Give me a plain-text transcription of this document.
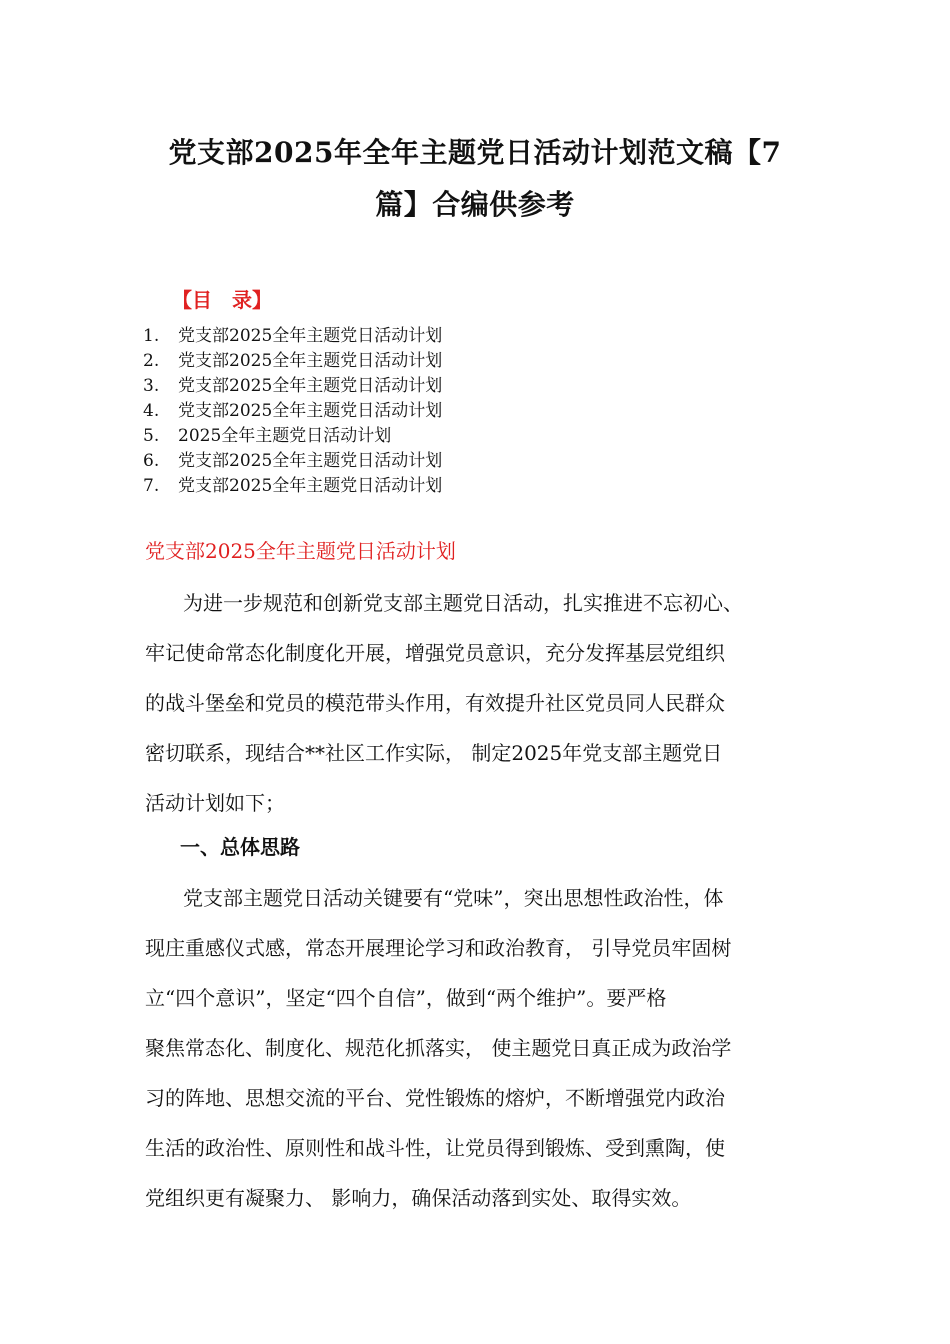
党支部2025年全年主题党日活动计划范文稿【7
篇】合编供参考
【目　录】
1. 党支部2025全年主题党日活动计划
2. 党支部2025全年主题党日活动计划
3. 党支部2025全年主题党日活动计划
4. 党支部2025全年主题党日活动计划
5. 2025全年主题党日活动计划
6. 党支部2025全年主题党日活动计划
7. 党支部2025全年主题党日活动计划
党支部2025全年主题党日活动计划
为进一步规范和创新党支部主题党日活动，扎实推进不忘初心、
牢记使命常态化制度化开展，增强党员意识，充分发挥基层党组织
的战斗堡垒和党员的模范带头作用，有效提升社区党员同人民群众
密切联系，现结合**社区工作实际， 制定2025年党支部主题党日
活动计划如下；
一、总体思路
党支部主题党日活动关键要有“党味”，突出思想性政治性，体
现庄重感仪式感，常态开展理论学习和政治教育， 引导党员牢固树
立“四个意识”，坚定“四个自信”，做到“两个维护”。要严格
聚焦常态化、制度化、规范化抓落实， 使主题党日真正成为政治学
习的阵地、思想交流的平台、党性锻炼的熔炉，不断增强党内政治
生活的政治性、原则性和战斗性，让党员得到锻炼、受到熏陶，使
党组织更有凝聚力、 影响力，确保活动落到实处、取得实效。
